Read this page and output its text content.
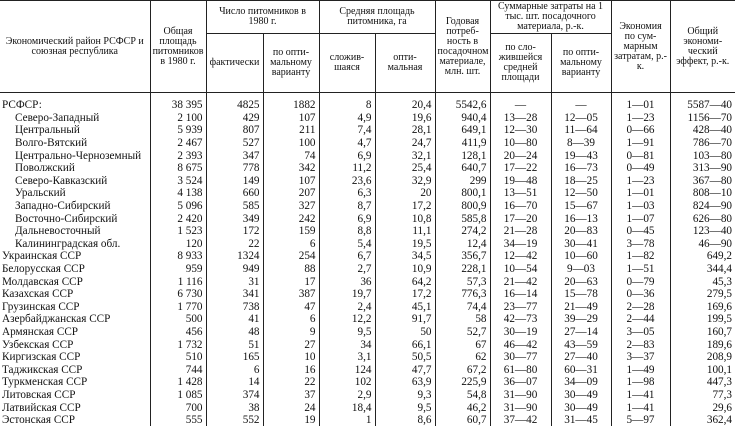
Экономический район РСФСР и союзная республика	Общая площадь питомников в 1980 г.	Число питомников в 1980 г.		Средняя площадь питомника, га		Годовая потреб-ность в посадочном материале, млн. шт.	Суммарные затраты на 1 тыс. шт. посадочного материала, р.-к.		Экономия по сум-марным затратам, р.-к.	Общий экономи-ческий эффект, р.-к.
		фактически	по опти-мальному варианту	сложив-шаяся	опти-мальная		по сло-жившейся средней площади	по опти-мальному варианту		

РСФСР:	38 395	4825	1882	8	20,4	5542,6	—	—	1—01	5587—40
Северо-Западный	2 100	429	107	4,9	19,6	940,4	13—28	12—05	1—23	1156—70
Центральный	5 939	807	211	7,4	28,1	649,1	12—30	11—64	0—66	428—40
Волго-Вятский	2 467	527	100	4,7	24,7	411,9	10—80	8—39	1—91	786—70
Центрально-Черноземный	2 393	347	74	6,9	32,1	128,1	20—24	19—43	0—81	103—80
Поволжский	8 675	778	342	11,2	25,4	640,7	17—22	16—73	0—49	313—90
Северо-Кавказский	3 524	149	107	23,6	32,9	299	19—48	18—25	1—23	367—80
Уральский	4 138	660	207	6,3	20	800,1	13—51	12—50	1—01	808—10
Западно-Сибирский	5 096	585	327	8,7	17,2	800,9	16—70	15—67	1—03	824—90
Восточно-Сибирский	2 420	349	242	6,9	10,8	585,8	17—20	16—13	1—07	626—80
Дальневосточный	1 523	172	159	8,8	11,1	274,2	21—28	20—83	0—45	123—40
Калининградская обл.	120	22	6	5,4	19,5	12,4	34—19	30—41	3—78	46—90
Украинская ССР	8 933	1324	254	6,7	34,5	356,7	12—42	10—60	1—82	649,2
Белорусская ССР	959	949	88	2,7	10,9	228,1	10—54	9—03	1—51	344,4
Молдавская ССР	1 116	31	17	36	64,2	57,3	21—42	20—63	0—79	45,3
Казахская ССР	6 730	341	387	19,7	17,2	776,3	16—14	15—78	0—36	279,5
Грузинская ССР	1 770	738	47	2,4	45,1	74,4	23—77	21—49	2—28	169,6
Азербайджанская ССР	500	41	6	12,2	91,7	58	42—73	39—29	2—44	199,5
Армянская ССР	456	48	9	9,5	50	52,7	30—19	27—14	3—05	160,7
Узбекская ССР	1 732	51	27	34	66,1	67	46—42	43—59	2—83	189,6
Киргизская ССР	510	165	10	3,1	50,5	62	30—77	27—40	3—37	208,9
Таджикская ССР	744	6	16	124	47,7	67,2	61—80	60—31	1—49	100,1
Туркменская ССР	1 428	14	22	102	63,9	225,9	36—07	34—09	1—98	447,3
Литовская ССР	1 085	374	37	2,9	9,3	54,8	31—90	30—49	1—41	77,3
Латвийская ССР	700	38	24	18,4	9,5	46,2	31—90	30—49	1—41	29,6
Эстонская ССР	555	552	19	1	8,6	60,7	37—42	31—45	5—97	362,4
